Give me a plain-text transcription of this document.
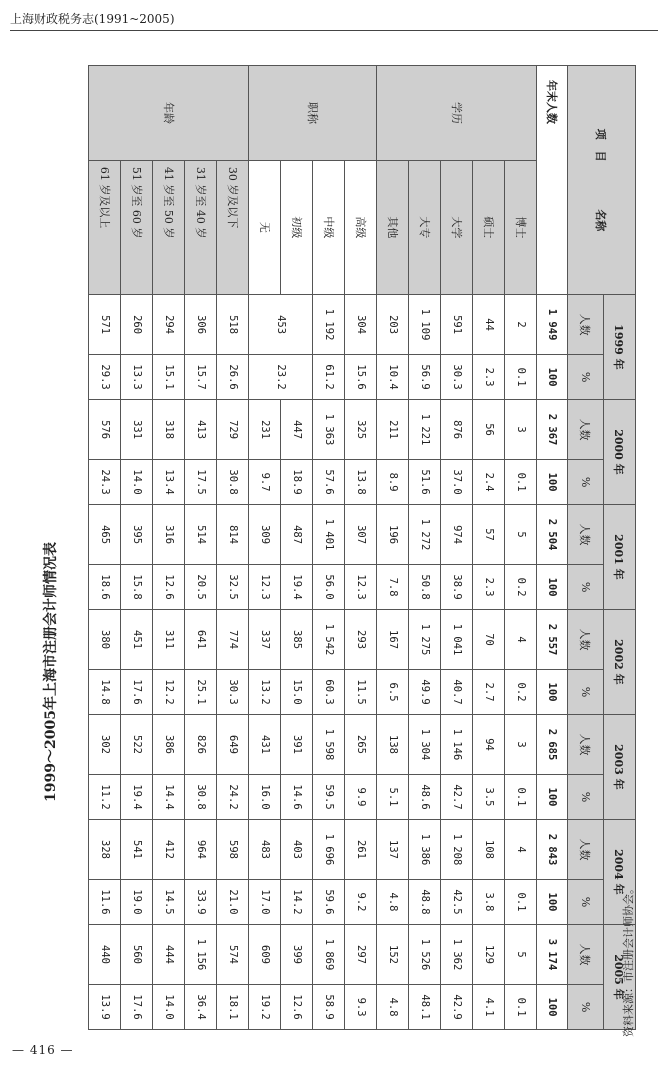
上海财政税务志(1991~2005)
1999～2005年上海市注册会计师情况表
项　目  名称		1999 年		2000 年		2001 年		2002 年		2003 年		2004 年		2005 年	
		人数	%	人数	%	人数	%	人数	%	人数	%	人数	%	人数	%
年末人数		1 949	100	2 367	100	2 504	100	2 557	100	2 685	100	2 843	100	3 174	100
学历	博士	2	0.1	3	0.1	5	0.2	4	0.2	3	0.1	4	0.1	5	0.1
	硕士	44	2.3	56	2.4	57	2.3	70	2.7	94	3.5	108	3.8	129	4.1
	大学	591	30.3	876	37.0	974	38.9	1 041	40.7	1 146	42.7	1 208	42.5	1 362	42.9
	大专	1 109	56.9	1 221	51.6	1 272	50.8	1 275	49.9	1 304	48.6	1 386	48.8	1 526	48.1
	其他	203	10.4	211	8.9	196	7.8	167	6.5	138	5.1	137	4.8	152	4.8
职称	高级	304	15.6	325	13.8	307	12.3	293	11.5	265	9.9	261	9.2	297	9.3
	中级	1 192	61.2	1 363	57.6	1 401	56.0	1 542	60.3	1 598	59.5	1 696	59.6	1 869	58.9
	初级	453	23.2	447	18.9	487	19.4	385	15.0	391	14.6	403	14.2	399	12.6
	无			231	9.7	309	12.3	337	13.2	431	16.0	483	17.0	609	19.2
年龄	30 岁及以下	518	26.6	729	30.8	814	32.5	774	30.3	649	24.2	598	21.0	574	18.1
	31 岁至 40 岁	306	15.7	413	17.5	514	20.5	641	25.1	826	30.8	964	33.9	1 156	36.4
	41 岁至 50 岁	294	15.1	318	13.4	316	12.6	311	12.2	386	14.4	412	14.5	444	14.0
	51 岁至 60 岁	260	13.3	331	14.0	395	15.8	451	17.6	522	19.4	541	19.0	560	17.6
	61 岁及以上	571	29.3	576	24.3	465	18.6	380	14.8	302	11.2	328	11.6	440	13.9	资料来源：市注册会计师协会。
— 416 —
